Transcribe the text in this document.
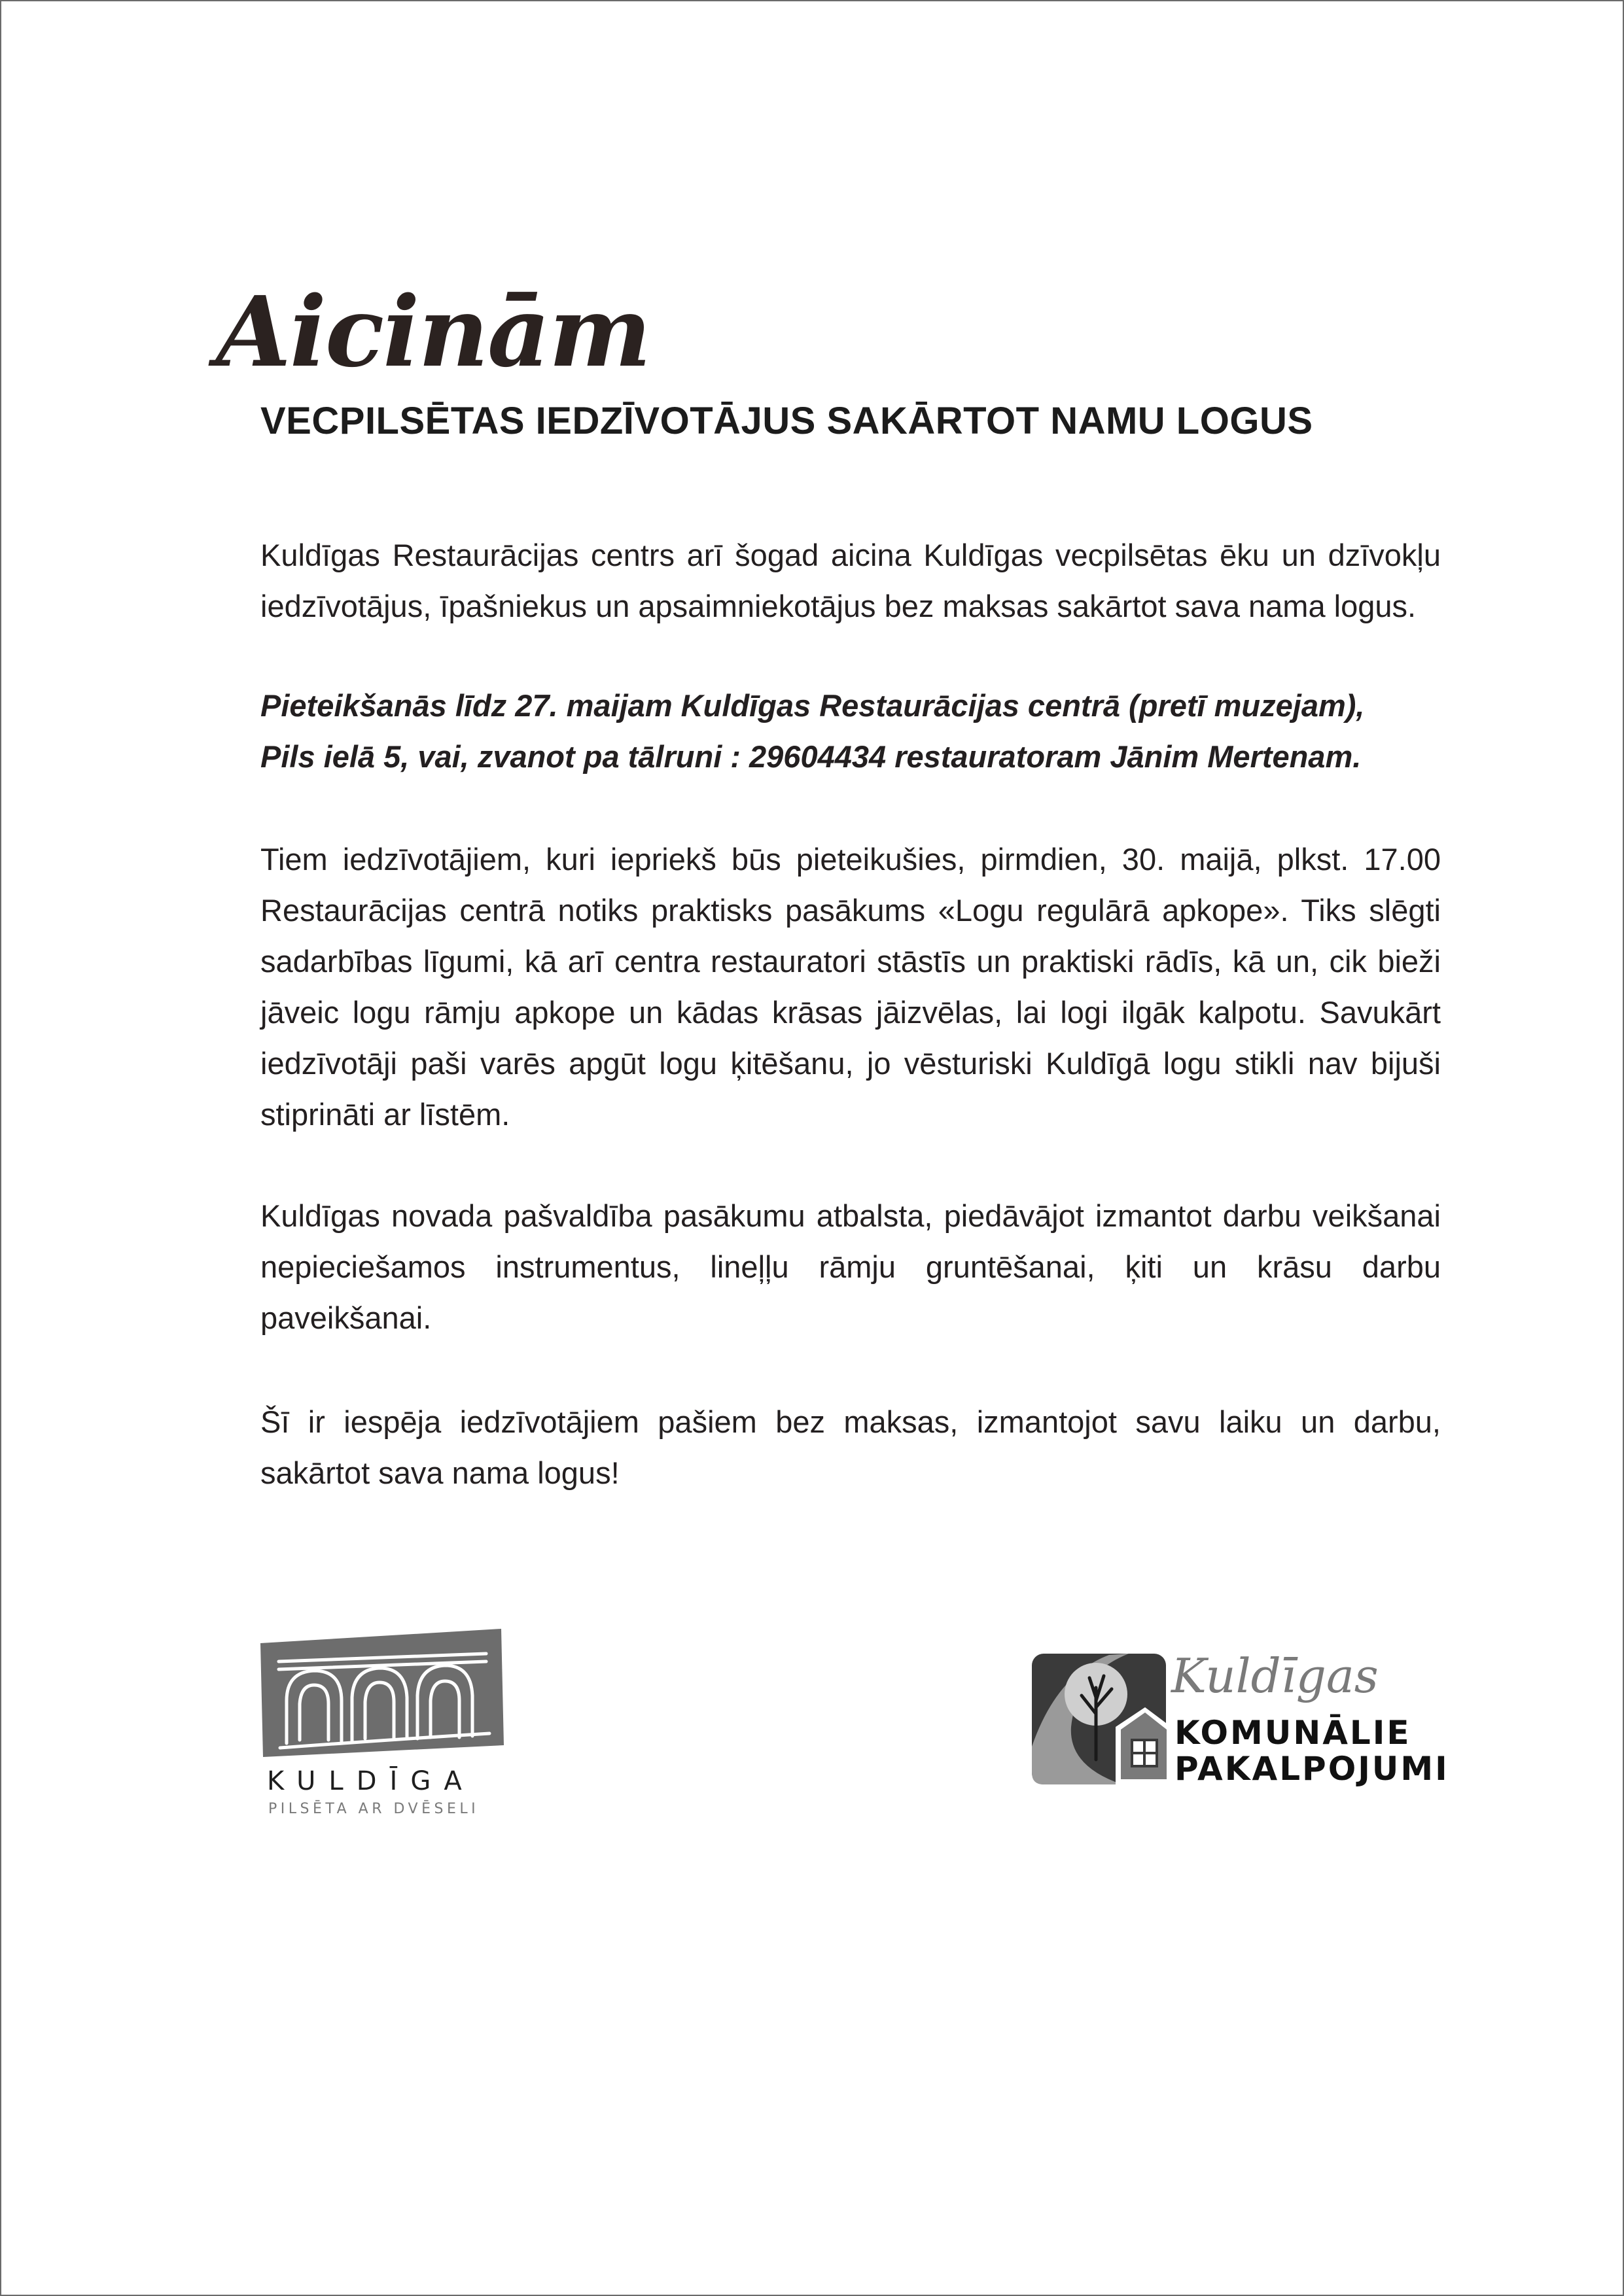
Aicinām
VECPILSĒTAS IEDZĪVOTĀJUS SAKĀRTOT NAMU LOGUS

Kuldīgas Restaurācijas centrs arī šogad aicina Kuldīgas vecpilsētas ēku un dzīvokļu iedzīvotājus, īpašniekus un apsaimniekotājus bez maksas sakārtot sava nama logus.

Pieteikšanās līdz 27. maijam Kuldīgas Restaurācijas centrā (pretī muzejam),
Pils ielā 5, vai, zvanot pa tālruni : 29604434 restauratoram Jānim Mertenam.

Tiem iedzīvotājiem, kuri iepriekš būs pieteikušies, pirmdien, 30. maijā, plkst. 17.00 Restaurācijas centrā notiks praktisks pasākums «Logu regulārā apkope». Tiks slēgti sadarbības līgumi, kā arī centra restauratori stāstīs un praktiski rādīs, kā un, cik bieži jāveic logu rāmju apkope un kādas krāsas jāizvēlas, lai logi ilgāk kalpotu. Savukārt iedzīvotāji paši varēs apgūt logu ķitēšanu, jo vēsturiski Kuldīgā logu stikli nav bijuši stiprināti ar līstēm.

Kuldīgas novada pašvaldība pasākumu atbalsta, piedāvājot izmantot darbu veikšanai nepieciešamos instrumentus, lineļļu rāmju gruntēšanai, ķiti un krāsu darbu paveikšanai.

Šī ir iespēja iedzīvotājiem pašiem bez maksas, izmantojot savu laiku un darbu, sakārtot sava nama logus!

KULDĪGA
PILSĒTA AR DVĒSELI
Kuldīgas
KOMUNĀLIE
PAKALPOJUMI
